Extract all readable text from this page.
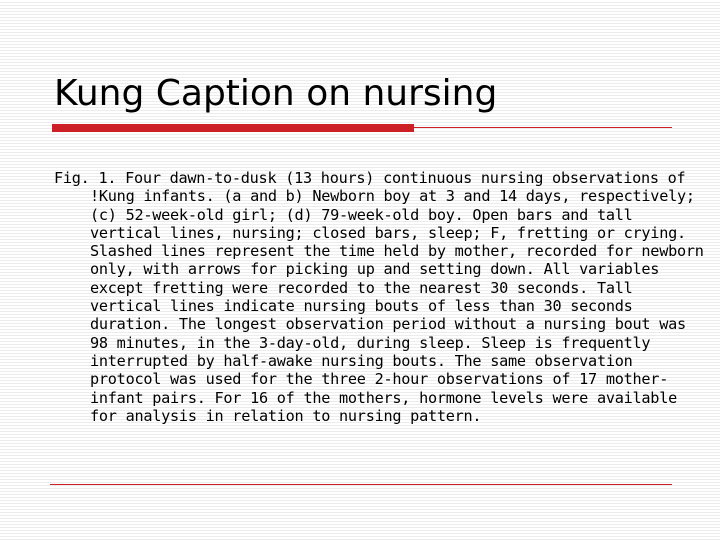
Kung Caption on nursing

Fig. 1. Four dawn-to-dusk (13 hours) continuous nursing observations of !Kung infants. (a and b) Newborn boy at 3 and 14 days, respectively; (c) 52-week-old girl; (d) 79-week-old boy. Open bars and tall vertical lines, nursing; closed bars, sleep; F, fretting or crying. Slashed lines represent the time held by mother, recorded for newborn only, with arrows for picking up and setting down. All variables except fretting were recorded to the nearest 30 seconds. Tall vertical lines indicate nursing bouts of less than 30 seconds duration. The longest observation period without a nursing bout was 98 minutes, in the 3-day-old, during sleep. Sleep is frequently interrupted by half-awake nursing bouts. The same observation protocol was used for the three 2-hour observations of 17 mother-infant pairs. For 16 of the mothers, hormone levels were available for analysis in relation to nursing pattern.
